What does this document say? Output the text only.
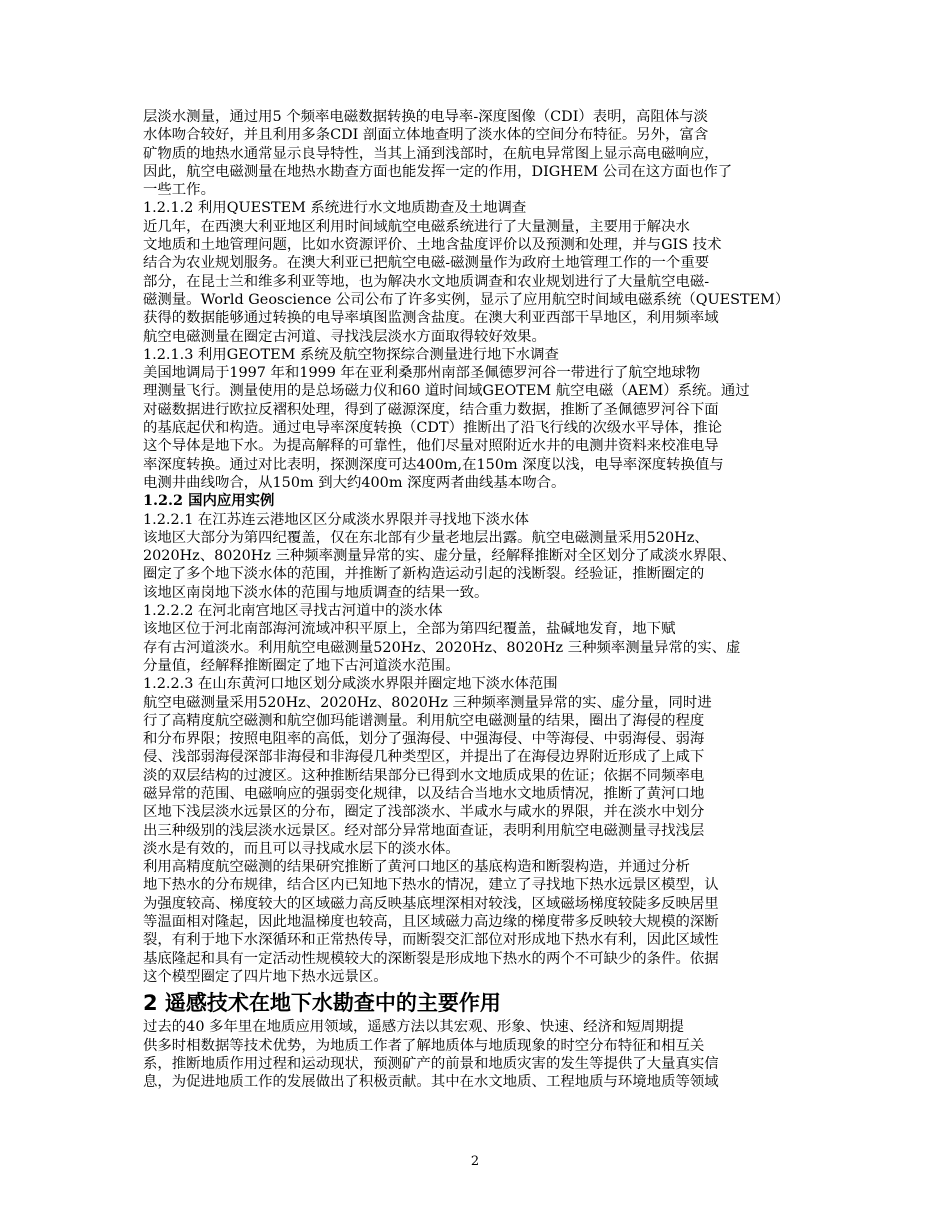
层淡水测量，通过用5 个频率电磁数据转换的电导率-深度图像（CDI）表明，高阻体与淡
水体吻合较好，并且利用多条CDI 剖面立体地查明了淡水体的空间分布特征。另外，富含
矿物质的地热水通常显示良导特性，当其上涌到浅部时，在航电异常图上显示高电磁响应，
因此，航空电磁测量在地热水勘查方面也能发挥一定的作用，DIGHEM 公司在这方面也作了
一些工作。
1.2.1.2 利用QUESTEM 系统进行水文地质勘查及土地调查
近几年，在西澳大利亚地区利用时间域航空电磁系统进行了大量测量，主要用于解决水
文地质和土地管理问题，比如水资源评价、土地含盐度评价以及预测和处理，并与GIS 技术
结合为农业规划服务。在澳大利亚已把航空电磁-磁测量作为政府土地管理工作的一个重要
部分，在昆士兰和维多利亚等地，也为解决水文地质调查和农业规划进行了大量航空电磁-
磁测量。World Geoscience 公司公布了许多实例，显示了应用航空时间域电磁系统（QUESTEM）
获得的数据能够通过转换的电导率填图监测含盐度。在澳大利亚西部干旱地区，利用频率域
航空电磁测量在圈定古河道、寻找浅层淡水方面取得较好效果。
1.2.1.3 利用GEOTEM 系统及航空物探综合测量进行地下水调查
美国地调局于1997 年和1999 年在亚利桑那州南部圣佩德罗河谷一带进行了航空地球物
理测量飞行。测量使用的是总场磁力仪和60 道时间域GEOTEM 航空电磁（AEM）系统。通过
对磁数据进行欧拉反褶积处理，得到了磁源深度，结合重力数据，推断了圣佩德罗河谷下面
的基底起伏和构造。通过电导率深度转换（CDT）推断出了沿飞行线的次级水平导体，推论
这个导体是地下水。为提高解释的可靠性，他们尽量对照附近水井的电测井资料来校准电导
率深度转换。通过对比表明，探测深度可达400m,在150m 深度以浅，电导率深度转换值与
电测井曲线吻合，从150m 到大约400m 深度两者曲线基本吻合。
1.2.2 国内应用实例
1.2.2.1 在江苏连云港地区区分咸淡水界限并寻找地下淡水体
该地区大部分为第四纪覆盖，仅在东北部有少量老地层出露。航空电磁测量采用520Hz、
2020Hz、8020Hz 三种频率测量异常的实、虚分量，经解释推断对全区划分了咸淡水界限、
圈定了多个地下淡水体的范围，并推断了新构造运动引起的浅断裂。经验证，推断圈定的
该地区南岗地下淡水体的范围与地质调查的结果一致。
1.2.2.2 在河北南宫地区寻找古河道中的淡水体
该地区位于河北南部海河流域冲积平原上，全部为第四纪覆盖，盐碱地发育，地下赋
存有古河道淡水。利用航空电磁测量520Hz、2020Hz、8020Hz 三种频率测量异常的实、虚
分量值，经解释推断圈定了地下古河道淡水范围。
1.2.2.3 在山东黄河口地区划分咸淡水界限并圈定地下淡水体范围
航空电磁测量采用520Hz、2020Hz、8020Hz 三种频率测量异常的实、虚分量，同时进
行了高精度航空磁测和航空伽玛能谱测量。利用航空电磁测量的结果，圈出了海侵的程度
和分布界限；按照电阻率的高低，划分了强海侵、中强海侵、中等海侵、中弱海侵、弱海
侵、浅部弱海侵深部非海侵和非海侵几种类型区，并提出了在海侵边界附近形成了上咸下
淡的双层结构的过渡区。这种推断结果部分已得到水文地质成果的佐证；依据不同频率电
磁异常的范围、电磁响应的强弱变化规律，以及结合当地水文地质情况，推断了黄河口地
区地下浅层淡水远景区的分布，圈定了浅部淡水、半咸水与咸水的界限，并在淡水中划分
出三种级别的浅层淡水远景区。经对部分异常地面查证，表明利用航空电磁测量寻找浅层
淡水是有效的，而且可以寻找咸水层下的淡水体。
利用高精度航空磁测的结果研究推断了黄河口地区的基底构造和断裂构造，并通过分析
地下热水的分布规律，结合区内已知地下热水的情况，建立了寻找地下热水远景区模型，认
为强度较高、梯度较大的区域磁力高反映基底埋深相对较浅，区域磁场梯度较陡多反映居里
等温面相对隆起，因此地温梯度也较高，且区域磁力高边缘的梯度带多反映较大规模的深断
裂，有利于地下水深循环和正常热传导，而断裂交汇部位对形成地下热水有利，因此区域性
基底隆起和具有一定活动性规模较大的深断裂是形成地下热水的两个不可缺少的条件。依据
这个模型圈定了四片地下热水远景区。
2 遥感技术在地下水勘查中的主要作用
过去的40 多年里在地质应用领域，遥感方法以其宏观、形象、快速、经济和短周期提
供多时相数据等技术优势，为地质工作者了解地质体与地质现象的时空分布特征和相互关
系，推断地质作用过程和运动现状，预测矿产的前景和地质灾害的发生等提供了大量真实信
息，为促进地质工作的发展做出了积极贡献。其中在水文地质、工程地质与环境地质等领域
2
